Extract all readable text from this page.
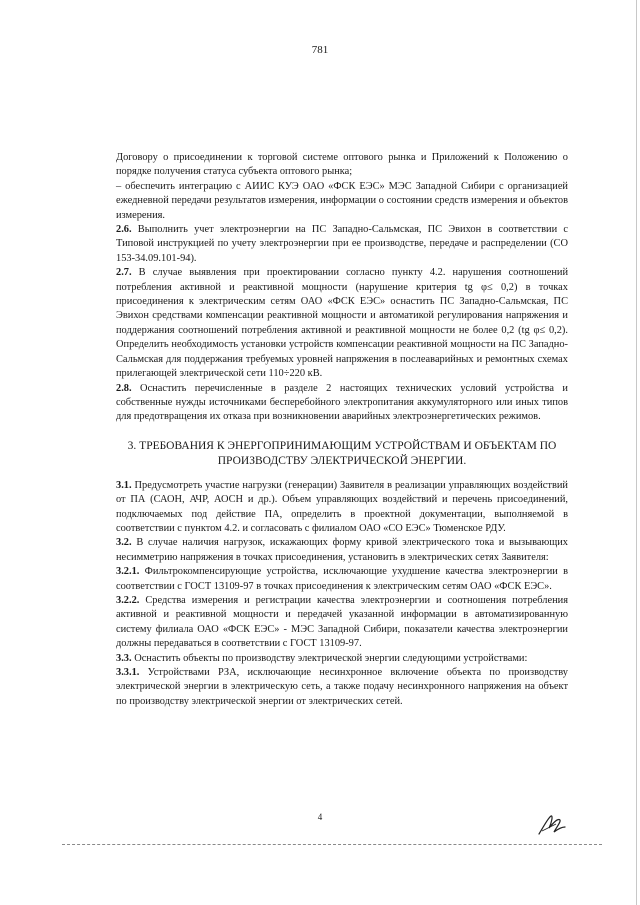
781

Договору о присоединении к торговой системе оптового рынка и Приложений к Положению о порядке получения статуса субъекта оптового рынка;

– обеспечить интеграцию с АИИС КУЭ ОАО «ФСК ЕЭС» МЭС Западной Сибири с организацией ежедневной передачи результатов измерения, информации о состоянии средств измерения и объектов измерения.

2.6. Выполнить учет электроэнергии на ПС Западно-Сальмская, ПС Эвихон в соответствии с Типовой инструкцией по учету электроэнергии при ее производстве, передаче и распределении (СО 153-34.09.101-94).

2.7. В случае выявления при проектировании согласно пункту 4.2. нарушения соотношений потребления активной и реактивной мощности (нарушение критерия tg φ≤ 0,2) в точках присоединения к электрическим сетям ОАО «ФСК ЕЭС» оснастить ПС Западно-Сальмская, ПС Эвихон средствами компенсации реактивной мощности и автоматикой регулирования напряжения и поддержания соотношений потребления активной и реактивной мощности не более 0,2 (tg φ≤ 0,2). Определить необходимость установки устройств компенсации реактивной мощности на ПС Западно-Сальмская для поддержания требуемых уровней напряжения в послеаварийных и ремонтных схемах прилегающей электрической сети 110÷220 кВ.

2.8. Оснастить перечисленные в разделе 2 настоящих технических условий устройства и собственные нужды источниками бесперебойного электропитания аккумуляторного или иных типов для предотвращения их отказа при возникновении аварийных электроэнергетических режимов.

3. ТРЕБОВАНИЯ К ЭНЕРГОПРИНИМАЮЩИМ УСТРОЙСТВАМ И ОБЪЕКТАМ ПО ПРОИЗВОДСТВУ ЭЛЕКТРИЧЕСКОЙ ЭНЕРГИИ.

3.1. Предусмотреть участие нагрузки (генерации) Заявителя в реализации управляющих воздействий от ПА (САОН, АЧР, АОСН и др.). Объем управляющих воздействий и перечень присоединений, подключаемых под действие ПА, определить в проектной документации, выполняемой в соответствии с пунктом 4.2. и согласовать с филиалом ОАО «СО ЕЭС» Тюменское РДУ.

3.2. В случае наличия нагрузок, искажающих форму кривой электрического тока и вызывающих несимметрию напряжения в точках присоединения, установить в электрических сетях Заявителя:

3.2.1. Фильтрокомпенсирующие устройства, исключающие ухудшение качества электроэнергии в соответствии с ГОСТ 13109-97 в точках присоединения к электрическим сетям ОАО «ФСК ЕЭС».

3.2.2. Средства измерения и регистрации качества электроэнергии и соотношения потребления активной и реактивной мощности и передачей указанной информации в автоматизированную систему филиала ОАО «ФСК ЕЭС» - МЭС Западной Сибири, показатели качества электроэнергии должны передаваться в соответствии с ГОСТ 13109-97.

3.3. Оснастить объекты по производству электрической энергии следующими устройствами:

3.3.1. Устройствами РЗА, исключающие несинхронное включение объекта по производству электрической энергии в электрическую сеть, а также подачу несинхронного напряжения на объект по производству электрической энергии от электрических сетей.

4
